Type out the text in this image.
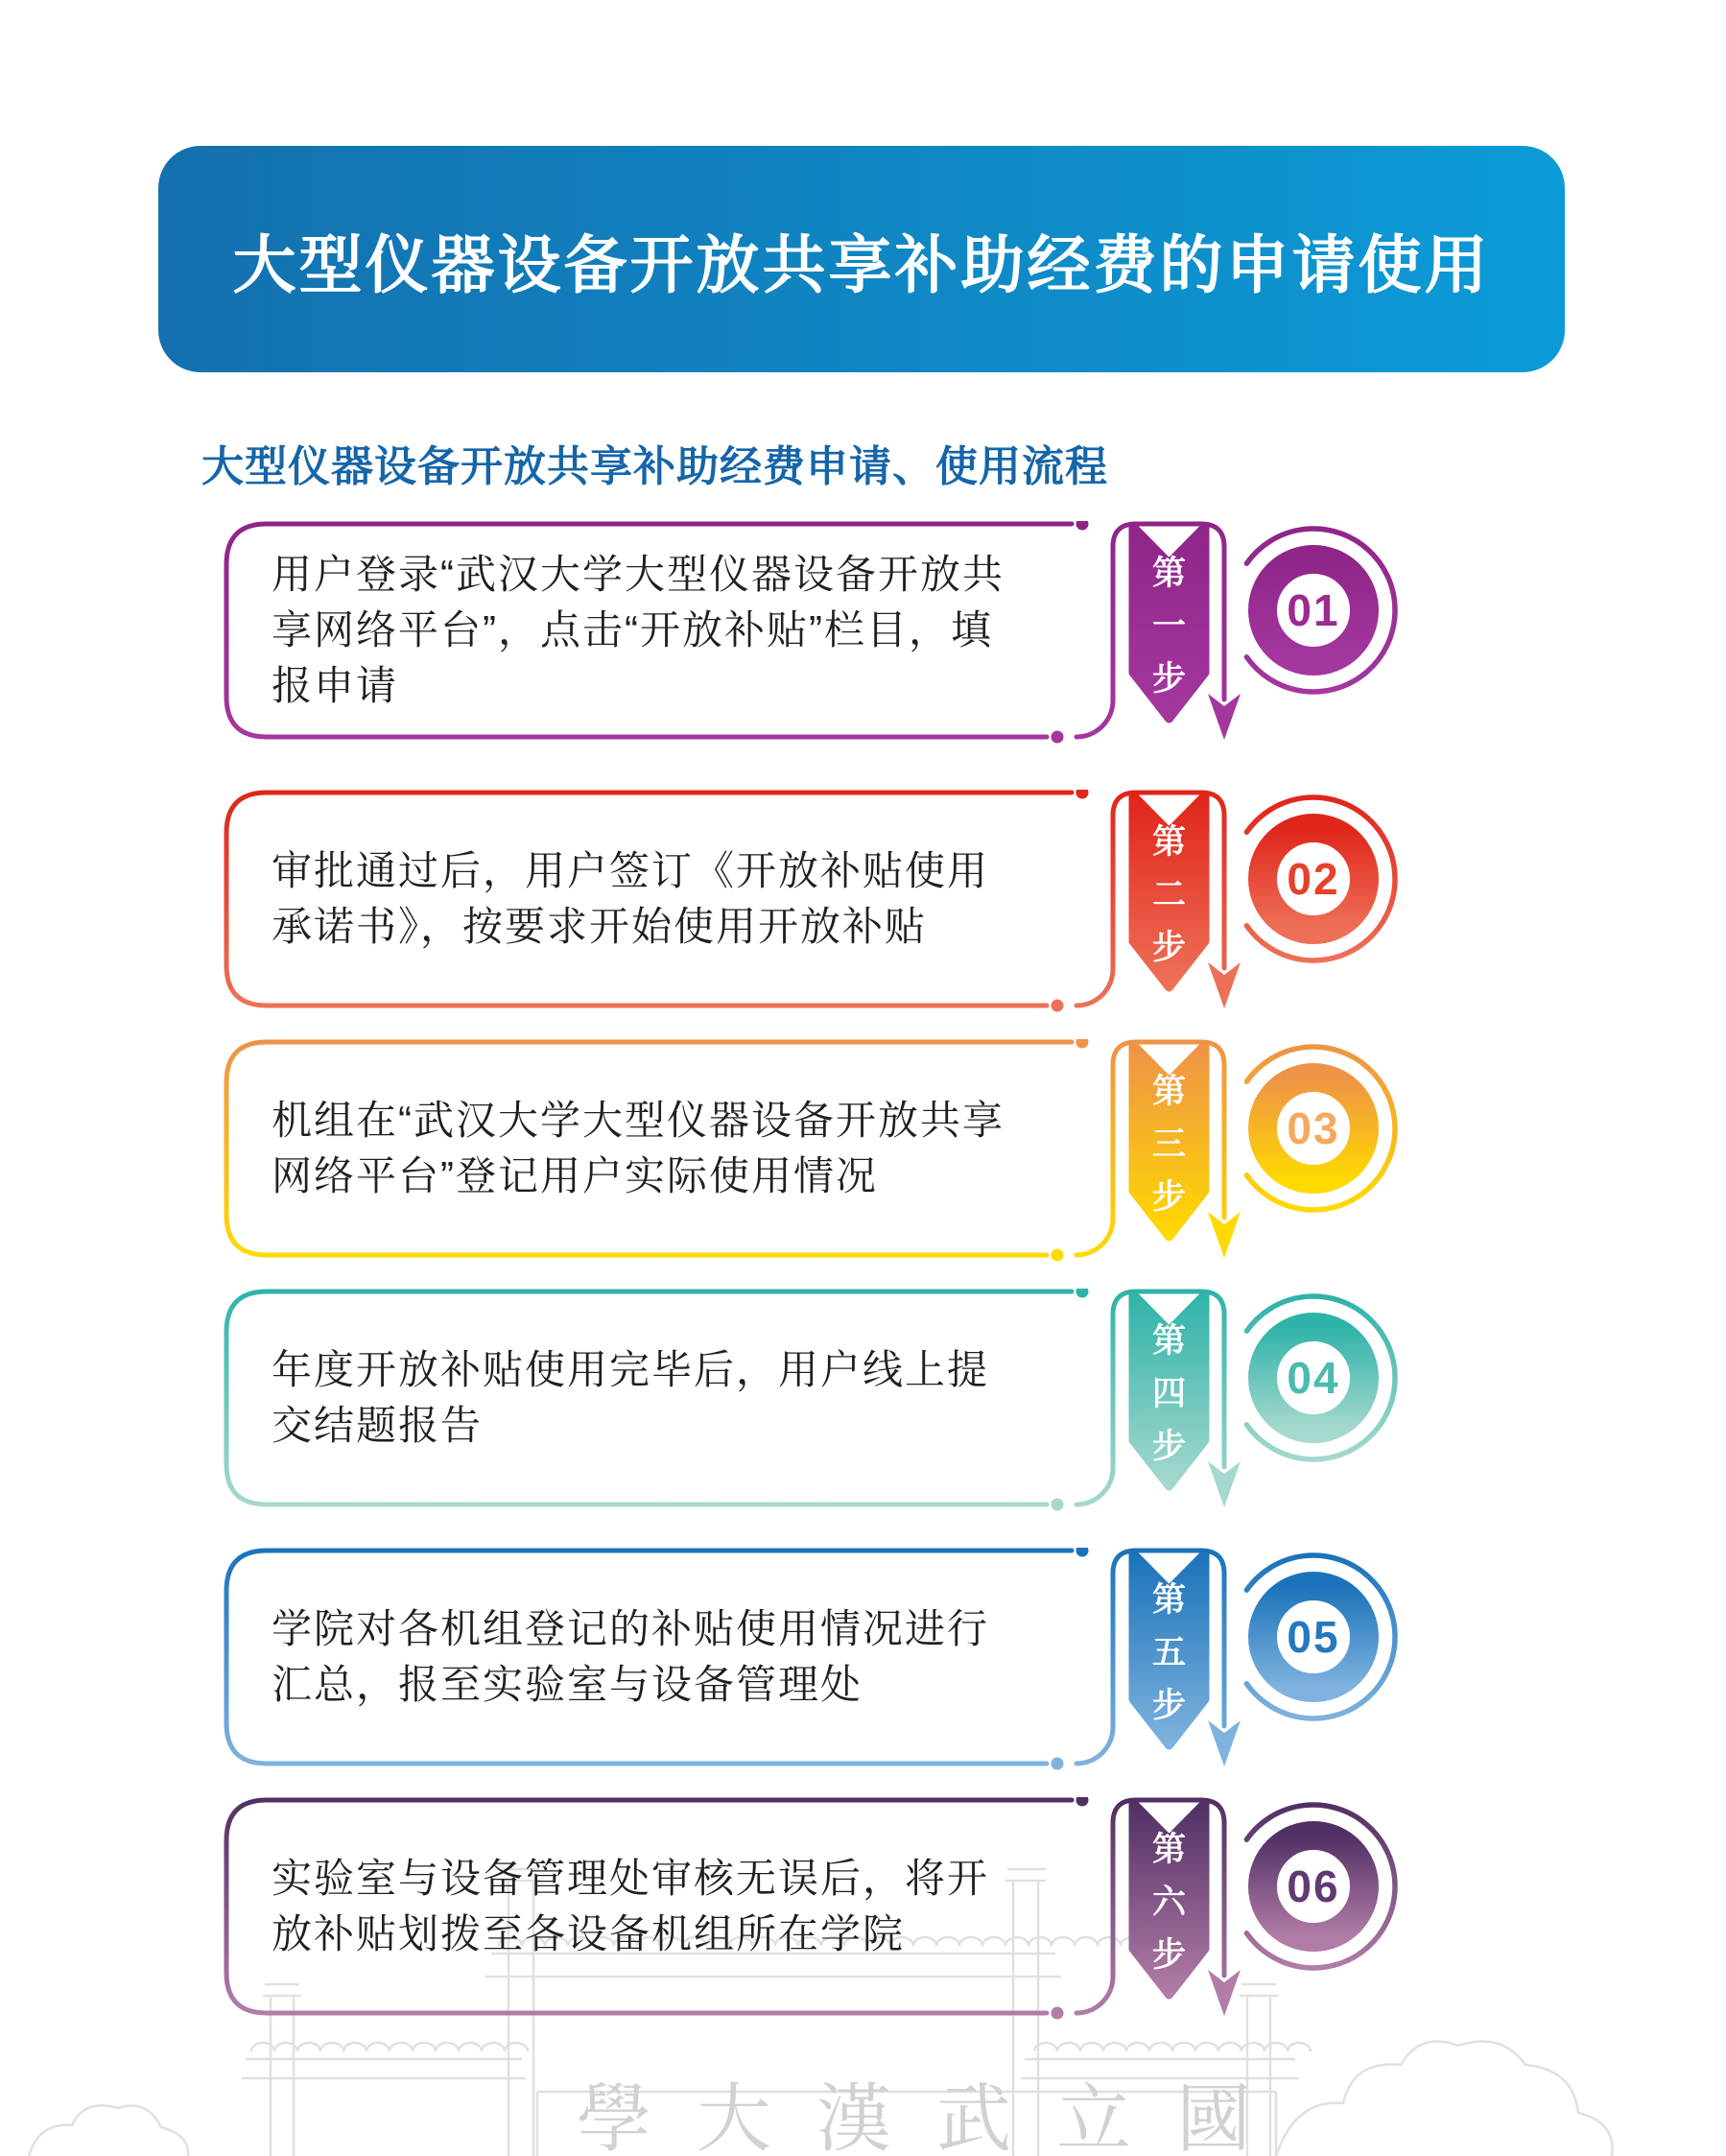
學 大 漢 武 立 國
大型仪器设备开放共享补助经费的申请使用
大型仪器设备开放共享补助经费申请、使用流程
第
一
步
01
用户登录“武汉大学大型仪器设备开放共享网络平台”，点击“开放补贴”栏目，填报申请
第
二
步
02
审批通过后，用户签订《开放补贴使用承诺书》，按要求开始使用开放补贴
第
三
步
03
机组在“武汉大学大型仪器设备开放共享网络平台”登记用户实际使用情况
第
四
步
04
年度开放补贴使用完毕后，用户线上提交结题报告
第
五
步
05
学院对各机组登记的补贴使用情况进行汇总，报至实验室与设备管理处
第
六
步
06
实验室与设备管理处审核无误后，将开放补贴划拨至各设备机组所在学院
